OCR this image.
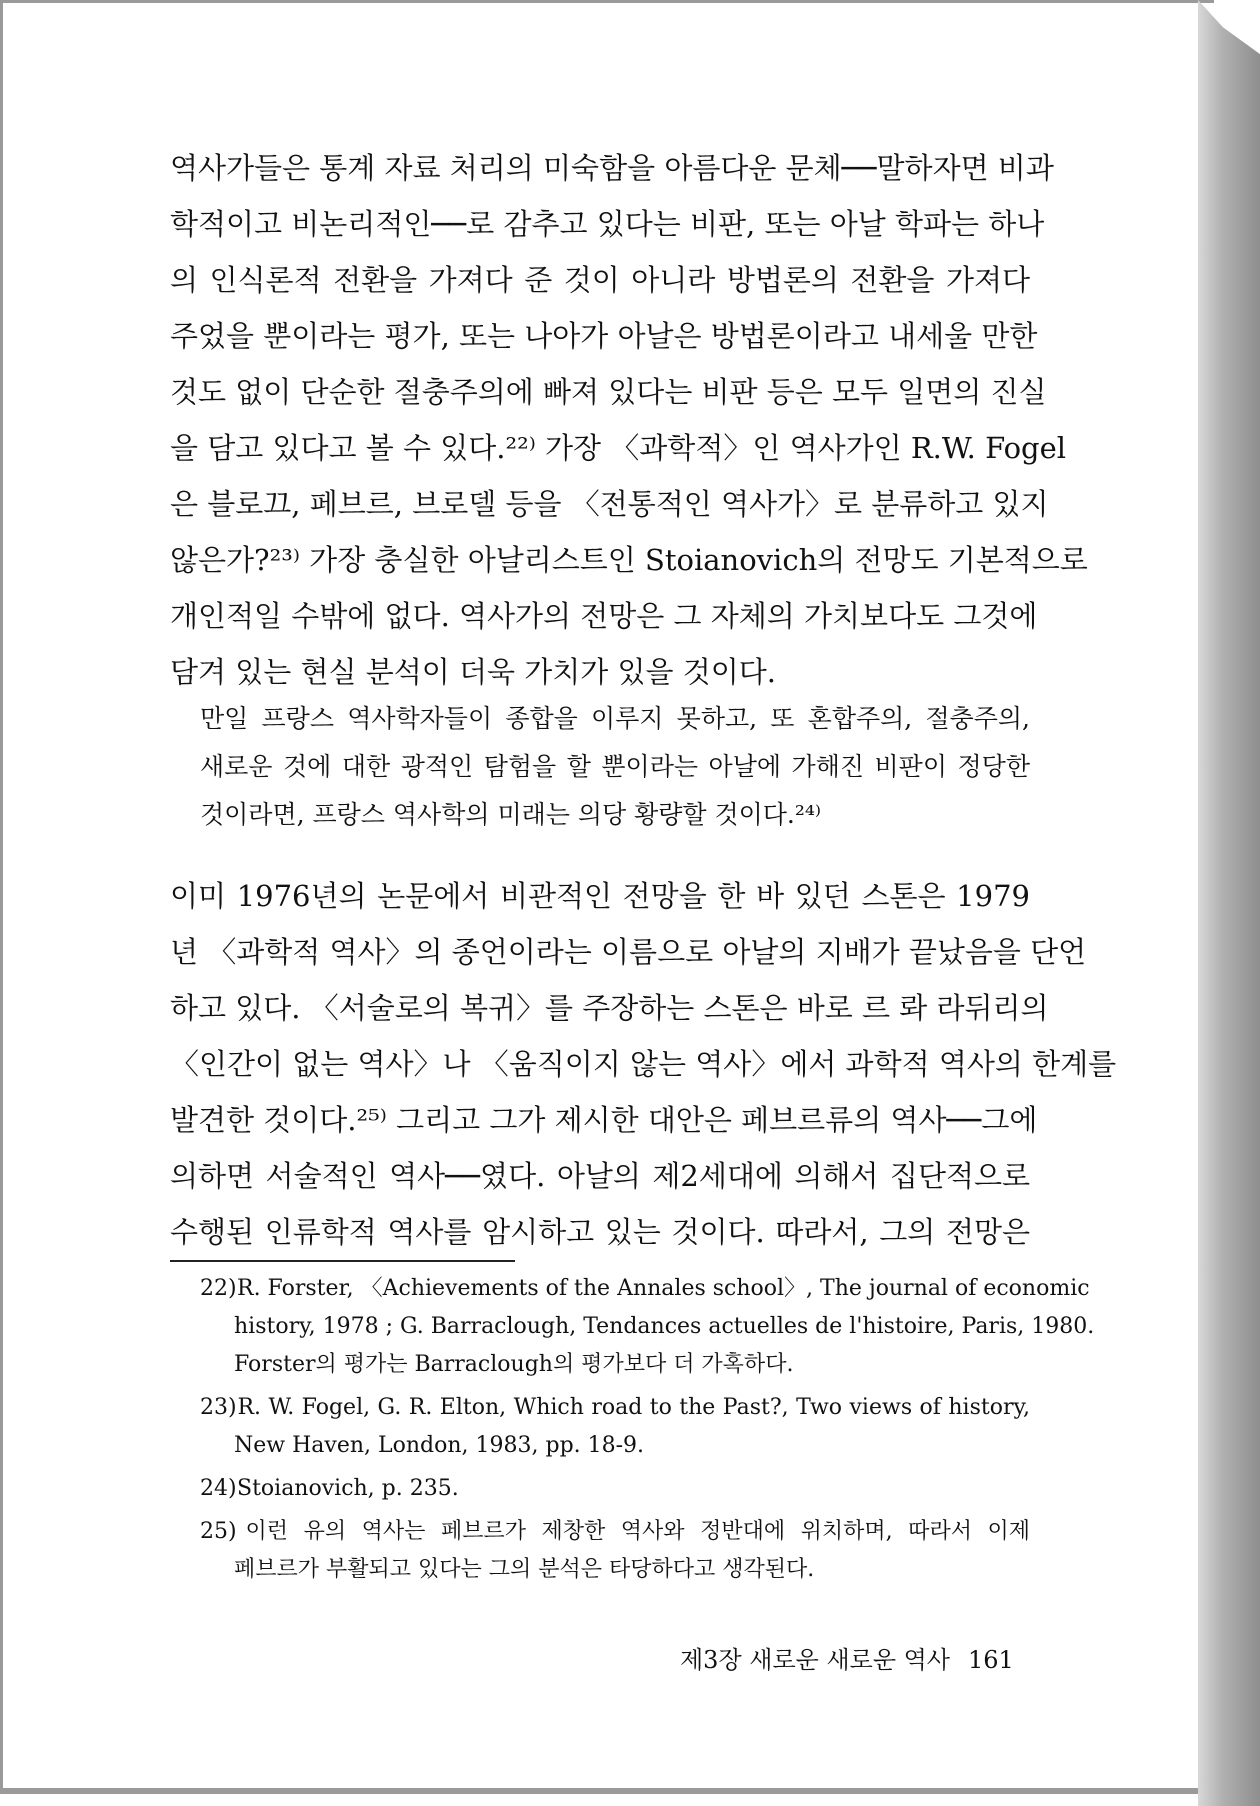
역사가들은 통계 자료 처리의 미숙함을 아름다운 문체──말하자면 비과
학적이고 비논리적인──로 감추고 있다는 비판, 또는 아날 학파는 하나
의 인식론적 전환을 가져다 준 것이 아니라 방법론의 전환을 가져다
주었을 뿐이라는 평가, 또는 나아가 아날은 방법론이라고 내세울 만한
것도 없이 단순한 절충주의에 빠져 있다는 비판 등은 모두 일면의 진실
을 담고 있다고 볼 수 있다.²²⁾ 가장 〈과학적〉인 역사가인 R.W. Fogel
은 블로끄, 페브르, 브로델 등을 〈전통적인 역사가〉로 분류하고 있지
않은가?²³⁾ 가장 충실한 아날리스트인 Stoianovich의 전망도 기본적으로
개인적일 수밖에 없다. 역사가의 전망은 그 자체의 가치보다도 그것에
담겨 있는 현실 분석이 더욱 가치가 있을 것이다.
만일 프랑스 역사학자들이 종합을 이루지 못하고, 또 혼합주의, 절충주의,
새로운 것에 대한 광적인 탐험을 할 뿐이라는 아날에 가해진 비판이 정당한
것이라면, 프랑스 역사학의 미래는 의당 황량할 것이다.²⁴⁾
이미 1976년의 논문에서 비관적인 전망을 한 바 있던 스톤은 1979
년 〈과학적 역사〉의 종언이라는 이름으로 아날의 지배가 끝났음을 단언
하고 있다. 〈서술로의 복귀〉를 주장하는 스톤은 바로 르 롸 라뒤리의
〈인간이 없는 역사〉나 〈움직이지 않는 역사〉에서 과학적 역사의 한계를
발견한 것이다.²⁵⁾ 그리고 그가 제시한 대안은 페브르류의 역사──그에
의하면 서술적인 역사──였다. 아날의 제2세대에 의해서 집단적으로
수행된 인류학적 역사를 암시하고 있는 것이다. 따라서, 그의 전망은
22) R. Forster, 〈Achievements of the Annales school〉, The journal of economic
history, 1978 ; G. Barraclough, Tendances actuelles de l'histoire, Paris, 1980.
Forster의 평가는 Barraclough의 평가보다 더 가혹하다.
23) R. W. Fogel, G. R. Elton, Which road to the Past?, Two views of history,
New Haven, London, 1983, pp. 18-9.
24) Stoianovich, p. 235.
25) 이런 유의 역사는 페브르가 제창한 역사와 정반대에 위치하며, 따라서 이제
페브르가 부활되고 있다는 그의 분석은 타당하다고 생각된다.
제3장 새로운 새로운 역사 161
